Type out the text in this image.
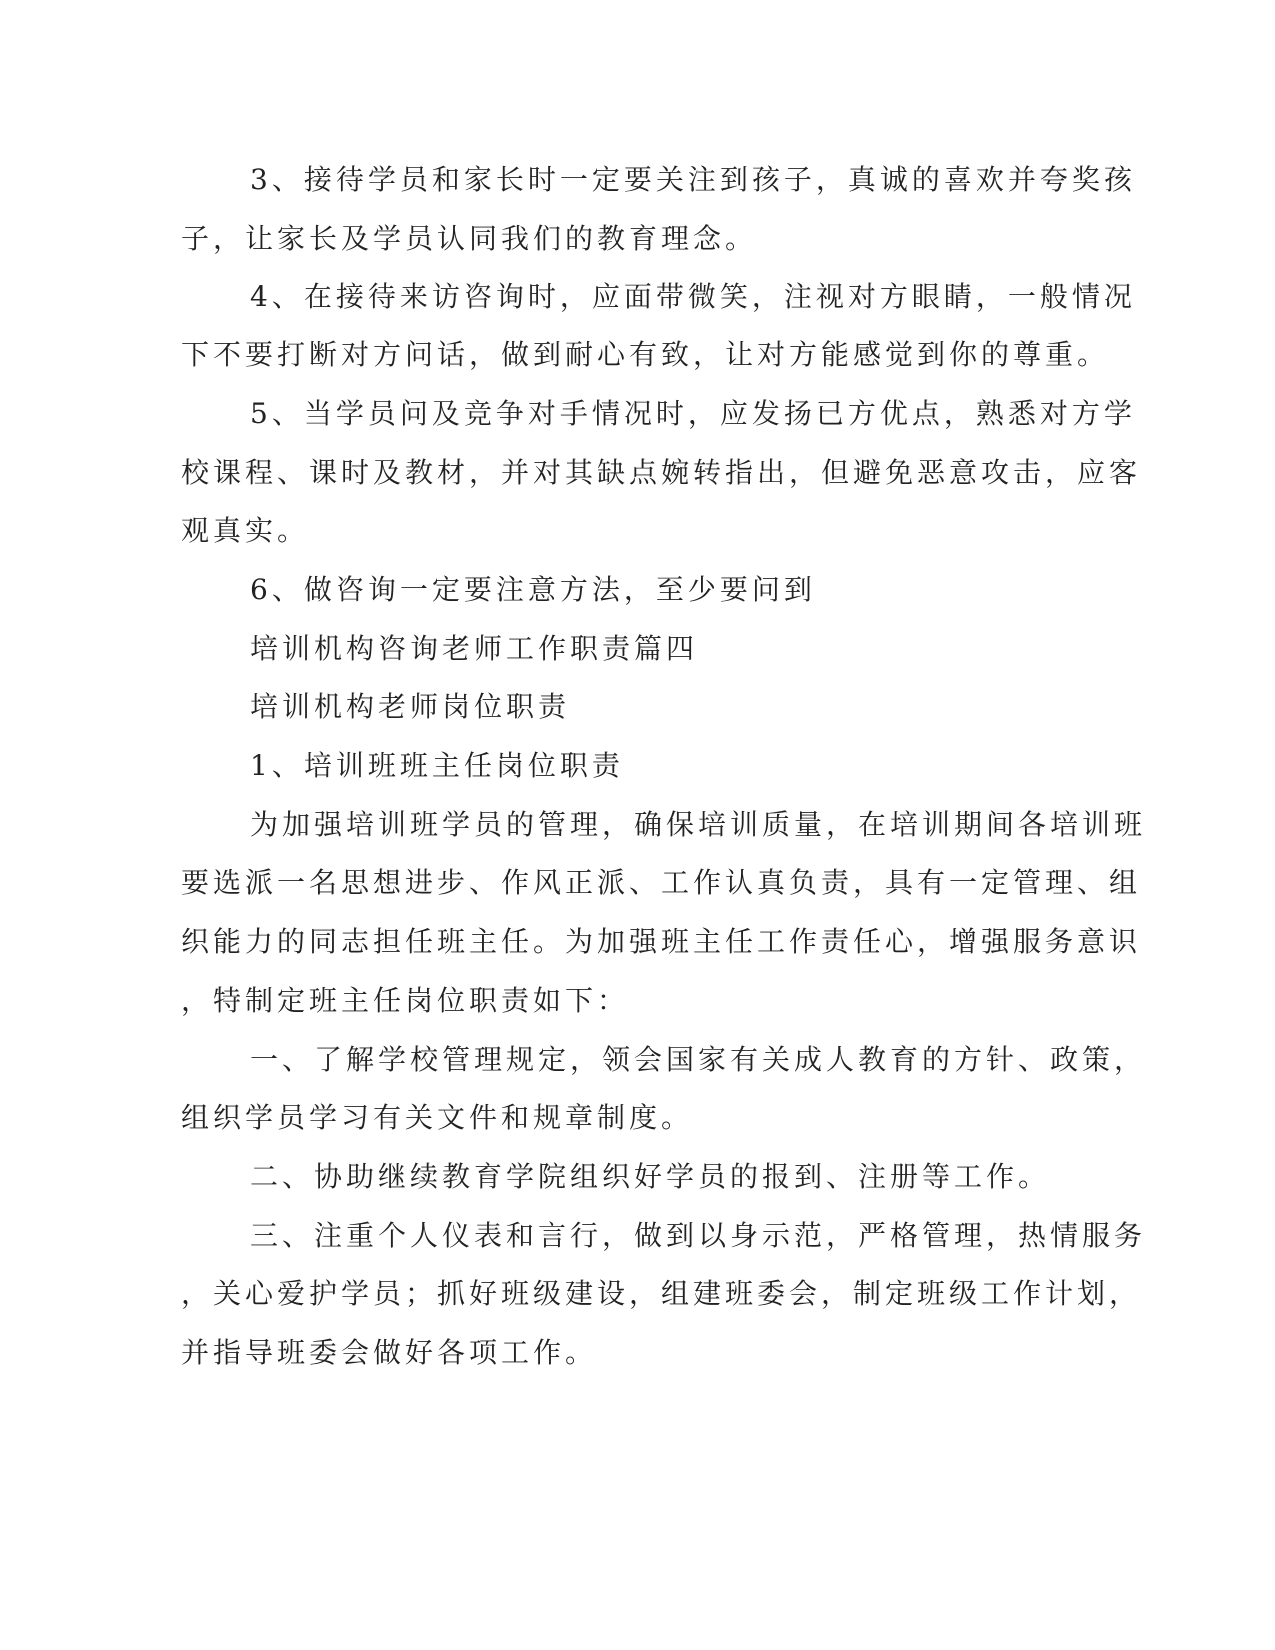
3、接待学员和家长时一定要关注到孩子，真诚的喜欢并夸奖孩
子，让家长及学员认同我们的教育理念。
4、在接待来访咨询时，应面带微笑，注视对方眼睛，一般情况
下不要打断对方问话，做到耐心有致，让对方能感觉到你的尊重。
5、当学员问及竞争对手情况时，应发扬已方优点，熟悉对方学
校课程、课时及教材，并对其缺点婉转指出，但避免恶意攻击，应客
观真实。
6、做咨询一定要注意方法，至少要问到
培训机构咨询老师工作职责篇四
培训机构老师岗位职责
1、培训班班主任岗位职责
为加强培训班学员的管理，确保培训质量，在培训期间各培训班
要选派一名思想进步、作风正派、工作认真负责，具有一定管理、组
织能力的同志担任班主任。为加强班主任工作责任心，增强服务意识
，特制定班主任岗位职责如下：
一、了解学校管理规定，领会国家有关成人教育的方针、政策，
组织学员学习有关文件和规章制度。
二、协助继续教育学院组织好学员的报到、注册等工作。
三、注重个人仪表和言行，做到以身示范，严格管理，热情服务
，关心爱护学员；抓好班级建设，组建班委会，制定班级工作计划，
并指导班委会做好各项工作。
